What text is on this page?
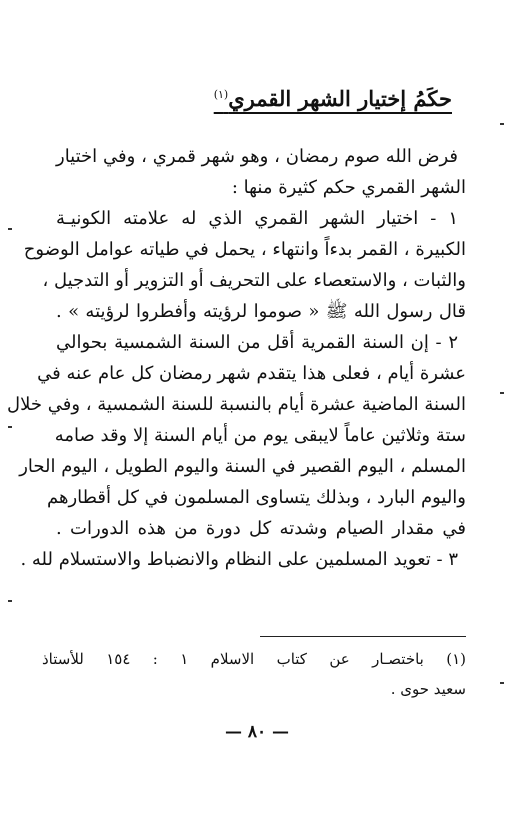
حكَمُ إختيار الشهر القمري$^{(١)}$
فرض الله صوم رمضان ، وهو شهر قمري ، وفي اختيار
الشهر القمري حكم كثيرة منها :
١ - اختيار الشهر القمري الذي له علامته الكونيـة
الكبيرة ، القمر بدءاً وانتهاء ، يحمل في طياته عوامل الوضوح
والثبات ، والاستعصاء على التحريف أو التزوير أو التدجيل ،
قال رسول الله ﷺ « صوموا لرؤيته وأفطروا لرؤيته » .
٢ - إن السنة القمرية أقل من السنة الشمسية بحوالي
عشرة أيام ، فعلى هذا يتقدم شهر رمضان كل عام عنه في
السنة الماضية عشرة أيام بالنسبة للسنة الشمسية ، وفي خلال
ستة وثلاثين عاماً لايبقى يوم من أيام السنة إلا وقد صامه
المسلم ، اليوم القصير في السنة واليوم الطويل ، اليوم الحار
واليوم البارد ، وبذلك يتساوى المسلمون في كل أقطارهم
في مقدار الصيام وشدته كل دورة من هذه الدورات .
٣ - تعويد المسلمين على النظام والانضباط والاستسلام لله .
(١) باختصـار عن كتاب الاسلام ١ : ١٥٤ للأستاذ
سعيد حوى .
— ٨٠ —
